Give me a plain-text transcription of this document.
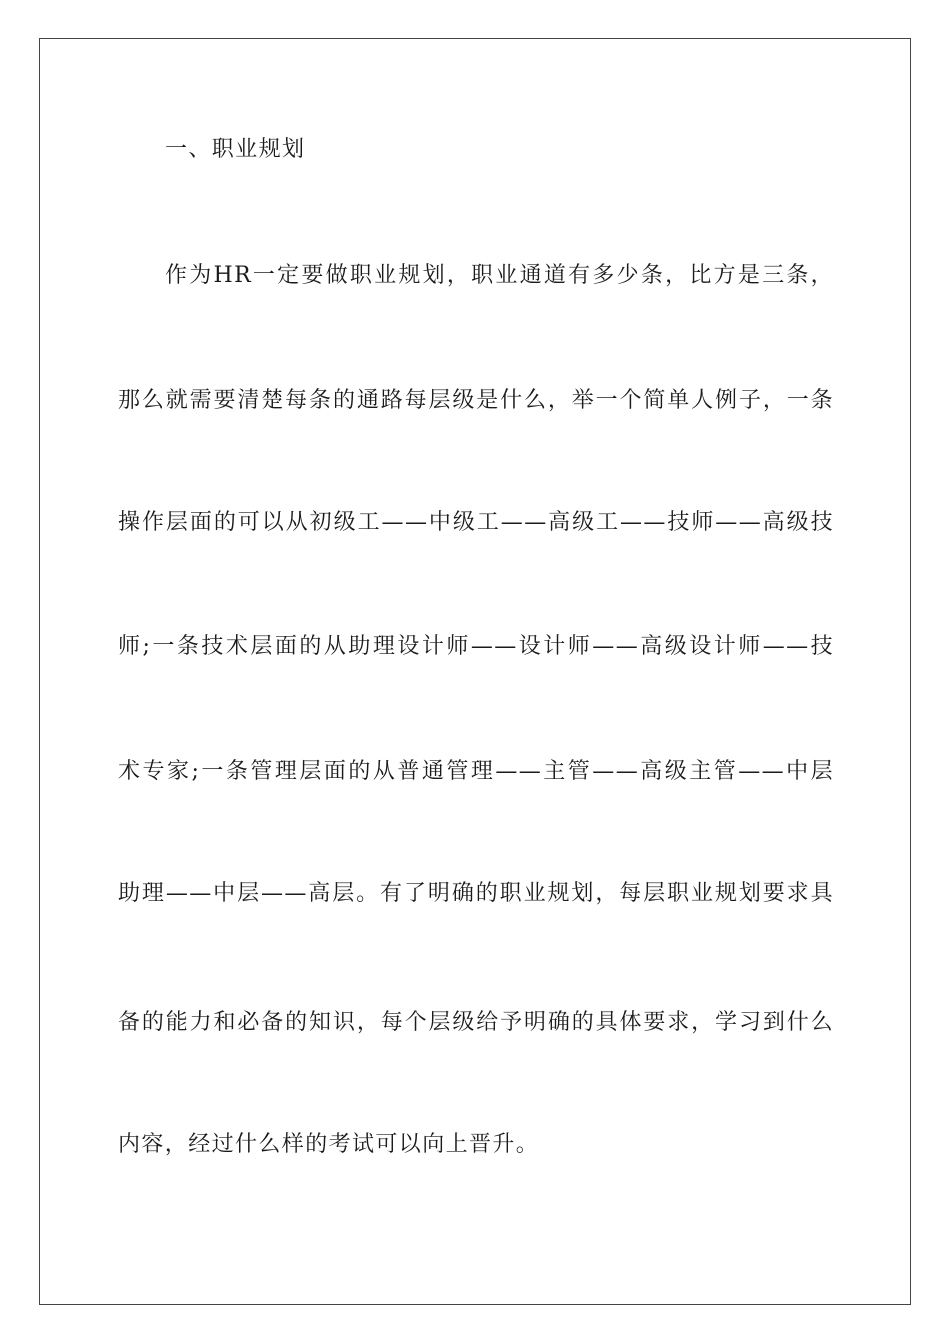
一、职业规划
作为HR一定要做职业规划，职业通道有多少条，比方是三条，
那么就需要清楚每条的通路每层级是什么，举一个简单人例子，一条
操作层面的可以从初级工——中级工——高级工——技师——高级技
师;一条技术层面的从助理设计师——设计师——高级设计师——技
术专家;一条管理层面的从普通管理——主管——高级主管——中层
助理——中层——高层。有了明确的职业规划，每层职业规划要求具
备的能力和必备的知识，每个层级给予明确的具体要求，学习到什么
内容，经过什么样的考试可以向上晋升。
